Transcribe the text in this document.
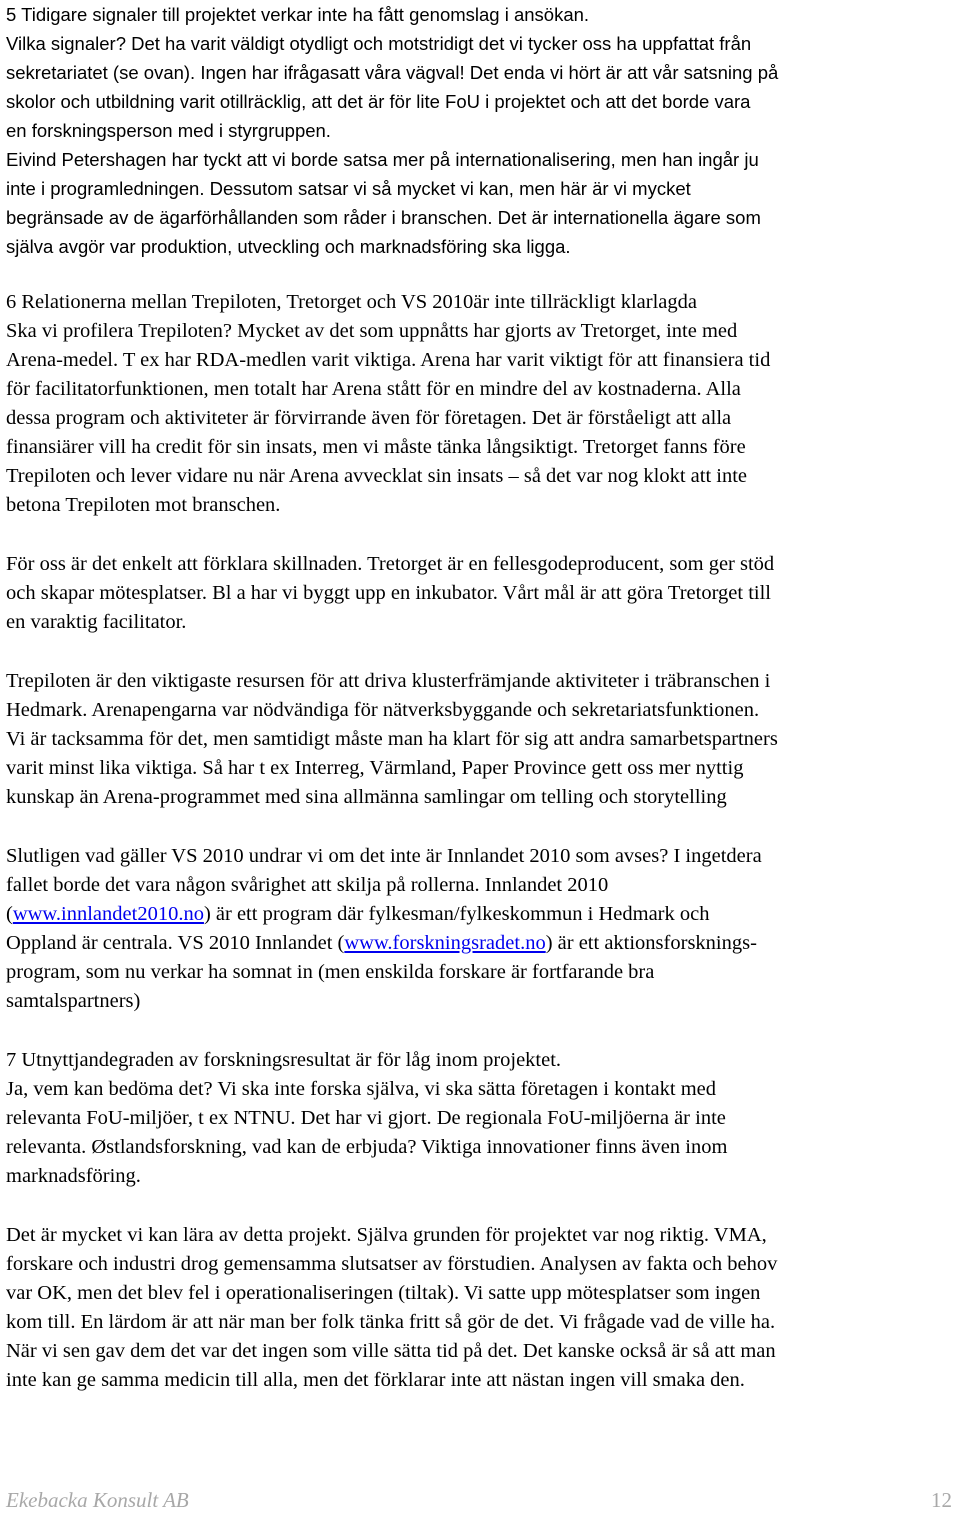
5 Tidigare signaler till projektet verkar inte ha fått genomslag i ansökan.
Vilka signaler? Det ha varit väldigt otydligt och motstridigt det vi tycker oss ha uppfattat från
sekretariatet (se ovan). Ingen har ifrågasatt våra vägval! Det enda vi hört är att vår satsning på
skolor och utbildning varit otillräcklig, att det är för lite FoU i projektet och att det borde vara
en forskningsperson med i styrgruppen.
Eivind Petershagen har tyckt att vi borde satsa mer på internationalisering, men han ingår ju
inte i programledningen. Dessutom satsar vi så mycket vi kan, men här är vi mycket
begränsade av de ägarförhållanden som råder i branschen. Det är internationella ägare som
själva avgör var produktion, utveckling och marknadsföring ska ligga.
6 Relationerna mellan Trepiloten, Tretorget och VS 2010är inte tillräckligt klarlagda
Ska vi profilera Trepiloten? Mycket av det som uppnåtts har gjorts av Tretorget, inte med
Arena-medel. T ex har RDA-medlen varit viktiga. Arena har varit viktigt för att finansiera tid
för facilitatorfunktionen, men totalt har Arena stått för en mindre del av kostnaderna. Alla
dessa program och aktiviteter är förvirrande även för företagen. Det är förståeligt att alla
finansiärer vill ha credit för sin insats, men vi måste tänka långsiktigt. Tretorget fanns före
Trepiloten och lever vidare nu när Arena avvecklat sin insats – så det var nog klokt att inte
betona Trepiloten mot branschen.
För oss är det enkelt att förklara skillnaden. Tretorget är en fellesgodeproducent, som ger stöd
och skapar mötesplatser. Bl a har vi byggt upp en inkubator. Vårt mål är att göra Tretorget till
en varaktig facilitator.
Trepiloten är den viktigaste resursen för att driva klusterfrämjande aktiviteter i träbranschen i
Hedmark. Arenapengarna var nödvändiga för nätverksbyggande och sekretariatsfunktionen.
Vi är tacksamma för det, men samtidigt måste man ha klart för sig att andra samarbetspartners
varit minst lika viktiga. Så har t ex Interreg, Värmland, Paper Province gett oss mer nyttig
kunskap än Arena-programmet med sina allmänna samlingar om telling och storytelling
Slutligen vad gäller VS 2010 undrar vi om det inte är Innlandet 2010 som avses? I ingetdera
fallet borde det vara någon svårighet att skilja på rollerna. Innlandet 2010
(www.innlandet2010.no) är ett program där fylkesman/fylkeskommun i Hedmark och
Oppland är centrala. VS 2010 Innlandet (www.forskningsradet.no) är ett aktionsforsknings-
program, som nu verkar ha somnat in (men enskilda forskare är fortfarande bra
samtalspartners)
7 Utnyttjandegraden av forskningsresultat är för låg inom projektet.
Ja, vem kan bedöma det? Vi ska inte forska själva, vi ska sätta företagen i kontakt med
relevanta FoU-miljöer, t ex NTNU. Det har vi gjort. De regionala FoU-miljöerna är inte
relevanta. Østlandsforskning, vad kan de erbjuda? Viktiga innovationer finns även inom
marknadsföring.
Det är mycket vi kan lära av detta projekt. Själva grunden för projektet var nog riktig. VMA,
forskare och industri drog gemensamma slutsatser av förstudien. Analysen av fakta och behov
var OK, men det blev fel i operationaliseringen (tiltak). Vi satte upp mötesplatser som ingen
kom till. En lärdom är att när man ber folk tänka fritt så gör de det. Vi frågade vad de ville ha.
När vi sen gav dem det var det ingen som ville sätta tid på det. Det kanske också är så att man
inte kan ge samma medicin till alla, men det förklarar inte att nästan ingen vill smaka den.
Ekebacka Konsult AB	12
